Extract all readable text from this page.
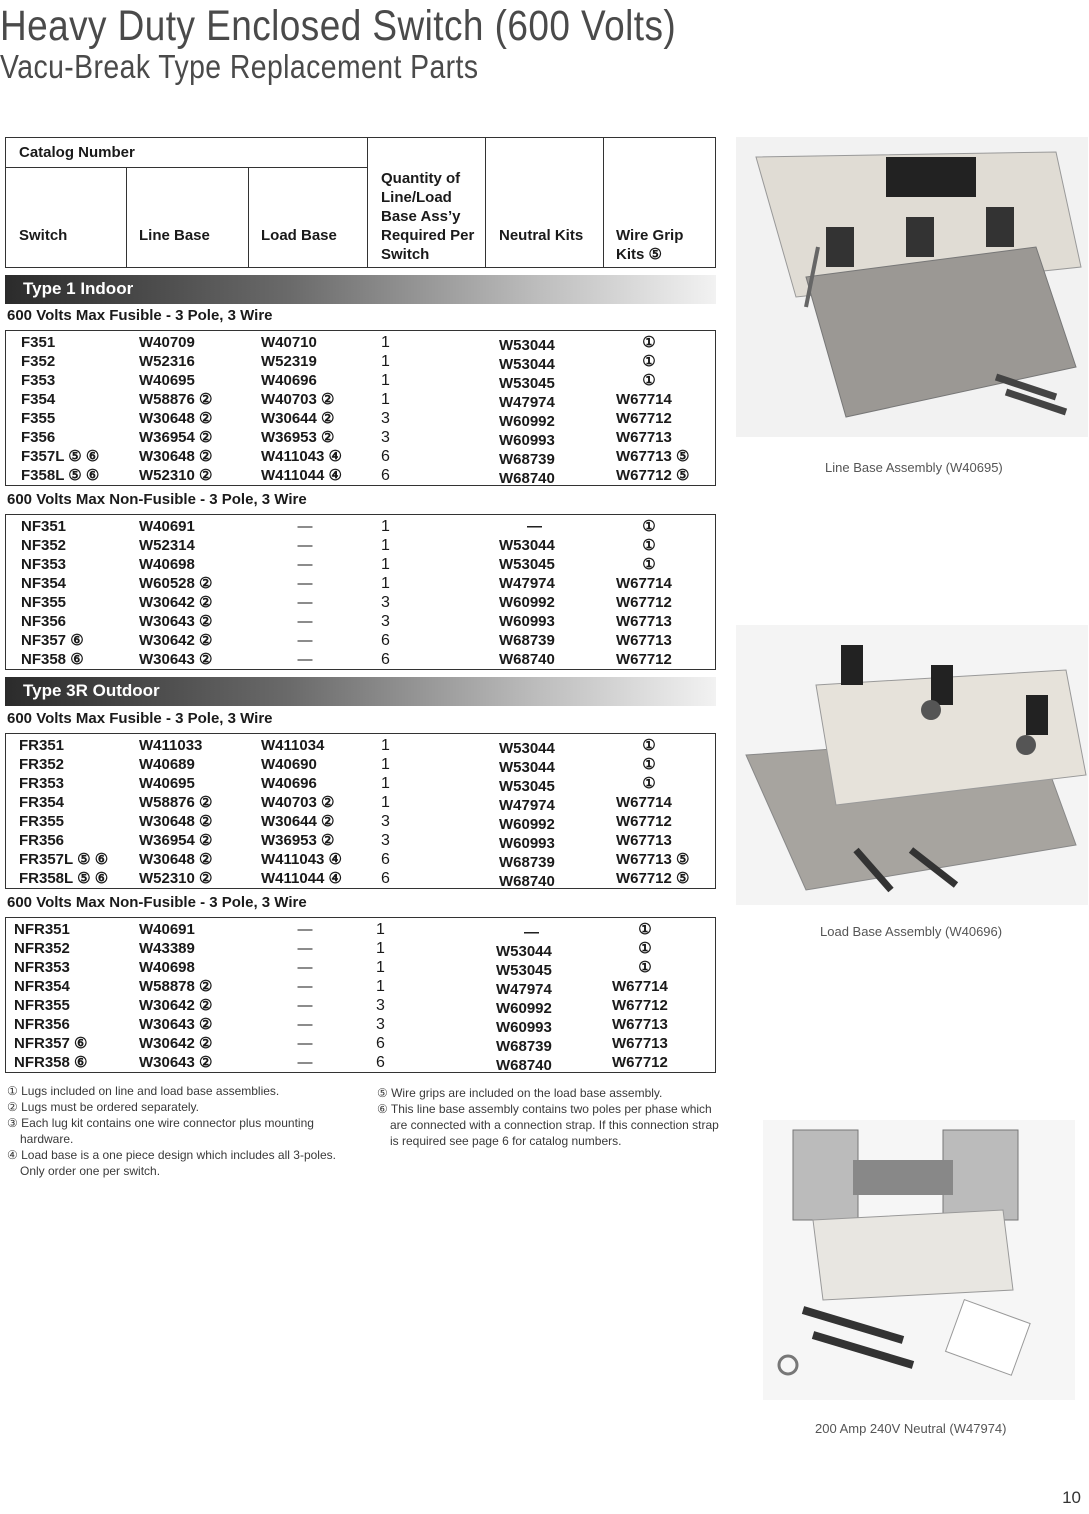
Heavy Duty Enclosed Switch (600 Volts)
Vacu-Break Type Replacement Parts
Catalog Number
Switch	Line Base	Load Base
Quantity of Line/Load Base Ass’y Required Per Switch
Neutral Kits Wire Grip Kits ⑤
Type 1 Indoor
600 Volts Max Fusible - 3 Pole, 3 Wire
F351
F352
F353
F354
F355
F356
F357L ⑤ ⑥
F358L ⑤ ⑥
W40709
W52316
W40695
W58876 ②
W30648 ②
W36954 ②
W30648 ②
W52310 ②
W40710
W52319
W40696
W40703 ②
W30644 ②
W36953 ②
W411043 ④
W411044 ④
1
1
1
1
3
3
6
6
W53044
W53044
W53045
W47974
W60992
W60993
W68739
W68740
①
①
①
W67714
W67712
W67713
W67713 ⑤
W67712 ⑤
600 Volts Max Non-Fusible - 3 Pole, 3 Wire
NF351
NF352
NF353
NF354
NF355
NF356
NF357 ⑥
NF358 ⑥
W40691
W52314
W40698
W60528 ②
W30642 ②
W30643 ②
W30642 ②
W30643 ②
—
—
—
—
—
—
—
—
1
1
1
1
3
3
6
6
—
W53044
W53045
W47974
W60992
W60993
W68739
W68740
①
①
①
W67714
W67712
W67713
W67713
W67712
Type 3R Outdoor
600 Volts Max Fusible - 3 Pole, 3 Wire
FR351
FR352
FR353
FR354
FR355
FR356
FR357L ⑤ ⑥
FR358L ⑤ ⑥
W411033
W40689
W40695
W58876 ②
W30648 ②
W36954 ②
W30648 ②
W52310 ②
W411034
W40690
W40696
W40703 ②
W30644 ②
W36953 ②
W411043 ④
W411044 ④
1
1
1
1
3
3
6
6
W53044
W53044
W53045
W47974
W60992
W60993
W68739
W68740
①
①
①
W67714
W67712
W67713
W67713 ⑤
W67712 ⑤
600 Volts Max Non-Fusible - 3 Pole, 3 Wire
NFR351
NFR352
NFR353
NFR354
NFR355
NFR356
NFR357 ⑥
NFR358 ⑥
W40691
W43389
W40698
W58878 ②
W30642 ②
W30643 ②
W30642 ②
W30643 ②
—
—
—
—
—
—
—
—
1
1
1
1
3
3
6
6
—
W53044
W53045
W47974
W60992
W60993
W68739
W68740
①
①
①
W67714
W67712
W67713
W67713
W67712

① Lugs included on line and load base assemblies.

② Lugs must be ordered separately.

③ Each lug kit contains one wire connector plus mounting hardware.

④ Load base is a one piece design which includes all 3-poles. Only order one per switch.

⑤ Wire grips are included on the load base assembly.

⑥ This line base assembly contains two poles per phase which are connected with a connection strap. If this connection strap is required see page 6 for catalog numbers.

Line Base Assembly (W40695)
Load Base Assembly (W40696)
200 Amp 240V Neutral (W47974)
10
